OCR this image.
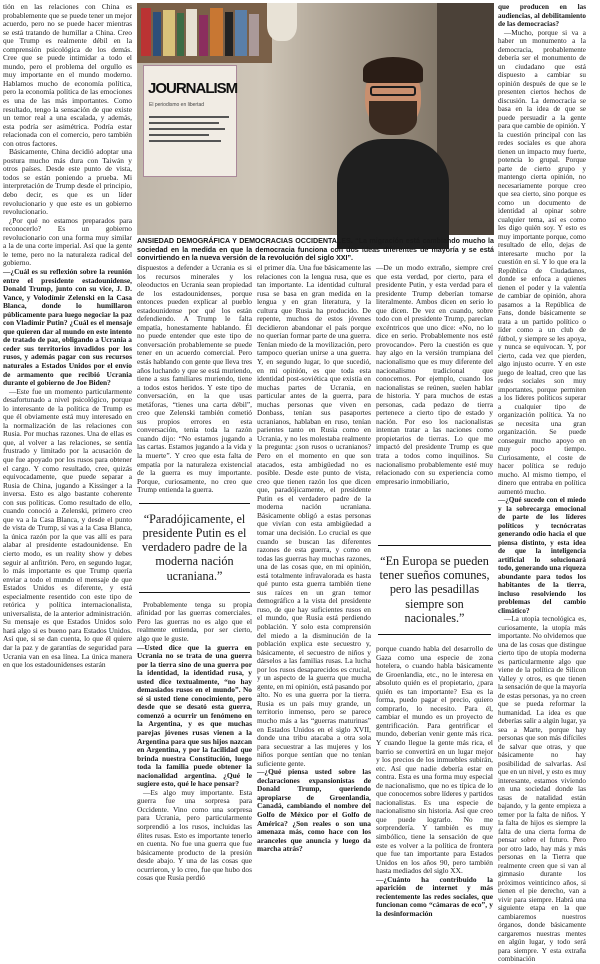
tión en las relaciones con China es probablemente que se puede tener un mejor acuerdo, pero no se puede hacer mientras se está tratando de humillar a China. Creo que Trump es realmente débil en la comprensión psicológica de los demás. Cree que se puede intimidar a todo el mundo, pero el problema del orgullo es muy importante en el mundo moderno. Hablamos mucho de economía política, pero la economía política de las emociones es una de las más importantes. Como resultado, tengo la sensación de que existe un temor real a una escalada, y además, esta podría ser asimétrica. Podría estar relacionada con el comercio, pero también con otros factores.

Básicamente, China decidió adoptar una postura mucho más dura con Taiwán y otros países. Desde este punto de vista, todos se están poniendo a prueba. Mi interpretación de Trump desde el principio, debo decir, es que es un líder revolucionario y que este es un gobierno revolucionario.

¿Por qué no estamos preparados para reconocerlo? Es un gobierno revolucionario con una forma muy similar a la de una corte imperial. Así que la gente le teme, pero no la naturaleza radical del gobierno.

—¿Cuál es su reflexión sobre la reunión entre el presidente estadounidense, Donald Trump, junto con su vice, J. D. Vance, y Volodímir Zelenski en la Casa Blanca, donde lo humillaron públicamente para luego negociar la paz con Vladímir Putin? ¿Cuál es el mensaje que quieren dar al mundo en este intento de tratado de paz, obligando a Ucrania a ceder sus territorios invadidos por los rusos, y además pagar con sus recursos naturales a Estados Unidos por el envío de armamento que recibió Ucrania durante el gobierno de Joe Biden?

—Este fue un momento particularmente desafortunado a nivel psicológico, porque lo interesante de la política de Trump es que él obviamente está muy interesado en la normalización de las relaciones con Rusia. Por muchas razones. Una de ellas es que, al volver a las relaciones, se sentía frustrado y limitado por la acusación de que fue apoyado por los rusos para obtener el cargo. Y como resultado, cree, quizás equivocadamente, que puede separar a Rusia de China, jugando a Kissinger a la inversa. Esto es algo bastante coherente con sus políticas. Como resultado de ello, cuando conoció a Zelenski, primero creo que va a la Casa Blanca, y desde el punto de vista de Trump, sí vas a la Casa Blanca, la única razón por la que vas allí es para alabar al presidente estadounidense. En cierto modo, es un reality show y debes seguir al anfitrión. Pero, en segundo lugar, lo más importante es que Trump quería enviar a todo el mundo el mensaje de que Estados Unidos es diferente, y está especialmente resentido con este tipo de retórica y política internacionalista, universalista, de la anterior administración. Su mensaje es que Estados Unidos solo hará algo si es bueno para Estados Unidos. Así que, si se dan cuenta, lo que él quiere dar la paz y de garantías de seguridad para Ucrania van en esa línea. La única manera en que los estadounidenses estarán

JOURNALISM
El periodismo en libertad
ANSIEDAD DEMOGRÁFICA Y DEMOCRACIAS OCCIDENTALES. “La migración está cambiando mucho la sociedad en la medida en que la democracia funciona con dos ideas diferentes de mayoría y se está convirtiendo en la nueva versión de la revolución del siglo XXI”.

dispuestos a defender a Ucrania es si los recursos minerales y los oleoductos en Ucrania sean propiedad de los estadounidenses, porque entonces pueden explicar al pueblo estadounidense por qué los están defendiendo. A Trump le falta empatía, honestamente hablando. Él no puede entender que este tipo de conversación probablemente se puede tener en un acuerdo comercial. Pero estás hablando con gente que lleva tres años luchando y que se está muriendo, tiene a sus familiares muriendo, tiene a todos estos heridos. Y este tipo de conversación, en la que usas metáforas, “tienes una carta débil”, creo que Zelenski también cometió sus propios errores en esta conversación, tenía toda la razón cuando dijo: “No estamos jugando a las cartas. Estamos jugando a la vida y la muerte”. Y creo que esta falta de empatía por la naturaleza existencial de la guerra es muy importante. Porque, curiosamente, no creo que Trump entienda la guerra.

“Paradójicamente, el presidente Putin es el verdadero padre de la moderna nación ucraniana.”

Probablemente tenga su propia afinidad por las guerras comerciales. Pero las guerras no es algo que el realmente entienda, por ser cierto, algo que le guste.

—Usted dice que la guerra en Ucrania no se trata de una guerra por la tierra sino de una guerra por la identidad, la identidad rusa, y usted dice textualmente, “no hay demasiados rusos en el mundo”. No sé si usted tiene conocimiento, pero desde que se desató esta guerra, comenzó a ocurrir un fenómeno en la Argentina, y es que muchas parejas jóvenes rusas vienen a la Argentina para que sus hijos nazcan en Argentina, y por la facilidad que brinda nuestra Constitución, luego toda la familia puede obtener la nacionalidad argentina. ¿Qué le sugiere esto, qué le hace pensar?

—Es algo muy importante. Esta guerra fue una sorpresa para Occidente. Vino como una sorpresa para Ucrania, pero particularmente sorprendió a los rusos, incluidas las élites rusas. Esto es importante tenerlo en cuenta. No fue una guerra que fue básicamente producto de la presión desde abajo. Y una de las cosas que ocurrieron, y lo creo, fue que hubo dos cosas que Rusia perdió

el primer día. Una fue básicamente las relaciones con la lengua rusa, que es tan importante. La identidad cultural rusa se basa en gran medida en la lengua y en gran literatura, y la cultura que Rusia ha producido. De repente, muchos de estos jóvenes decidieron abandonar el país porque no querían formar parte de una guerra. Tenían miedo de la movilización, pero tampoco querían unirse a una guerra. Y, en segundo lugar, lo que sucedió, en mi opinión, es que toda esta identidad post-soviética que existía en muchas partes de Ucrania, en particular antes de la guerra, para muchas personas que viven en Donbass, tenían sus pasaportes ucranianos, hablaban en ruso, tenían parientes tanto en Rusia como en Ucrania, y no les molestaba realmente la pregunta: ¿son rusos o ucranianos? Pero en el momento en que son atacados, esta ambigüedad no es posible. Desde este punto de vista, creo que tienen razón los que dicen que, paradójicamente, el presidente Putin es el verdadero padre de la moderna nación ucraniana. Básicamente obligó a estas personas que vivían con esta ambigüedad a tomar una decisión. Lo crucial es que cuando se buscan las diferentes razones de esta guerra, y como en todas las guerras hay muchas razones, una de las cosas que, en mi opinión, está totalmente infravalorada es hasta qué punto esta guerra también tiene sus raíces en un gran temor demográfico a la vista del presidente ruso, de que hay suficientes rusos en el mundo, que Rusia está perdiendo población. Y solo esta comprensión del miedo a la disminución de la población explica este secuestro y, básicamente, el secuestro de niños y dárselos a las familias rusas. La lucha por los rusos desaparecidos es crucial, y un aspecto de la guerra que mucha gente, en mi opinión, está pasando por alto. No es una guerra por la tierra. Rusia es un país muy grande, un territorio inmenso, pero se parece mucho más a las “guerras maturinas” en Estados Unidos en el siglo XVII, donde una tribu atacaba a otra sola para secuestrar a las mujeres y los niños porque sentían que no tenían suficiente gente.

—¿Qué piensa usted sobre las declaraciones expansionistas de Donald Trump, queriendo apropiarse de Groenlandia, Canadá, cambiando el nombre del Golfo de México por el Golfo de América? ¿Son reales o son una amenaza más, como hace con los aranceles que anuncia y luego da marcha atrás?

—De un modo extraño, siempre creí que esta verdad, por cierto, para el presidente Putin, y esta verdad para el presidente Trump deberían tomarse literalmente. Ambos dicen en serio lo que dicen. De vez en cuando, sobre todo con el presidente Trump, parecían excéntricos que uno dice: «No, no lo dice en serio. Probablemente nos esté provocando». Pero la cuestión es que hay algo en la versión trumpiana del nacionalismo que es muy diferente del nacionalismo tradicional que conocemos. Por ejemplo, cuando los nacionalistas se reúnen, suelen hablar de historia. Y para muchos de estas personas, cada pedazo de tierra pertenece a cierto tipo de estado y nación. Por eso los nacionalistas intentan tratar a las naciones como propietarios de tierras. Lo que me impactó del presidente Trump es que trata a todos como inquilinos. Su nacionalismo probablemente esté muy relacionado con su experiencia como empresario inmobiliario,

“En Europa se pueden tener sueños comunes, pero las pesadillas siempre son nacionales.”

porque cuando habla del desarrollo de Gaza como una especie de zona hotelera, o cuando habla básicamente de Groenlandia, etc., no le interesa en absoluto quién es el propietario, ¿para quién es tan importante? Esa es la forma, puedo pagar el precio, quiero comprarlo, lo necesito. Para él, cambiar el mundo es un proyecto de gentrificación. Para gentrificar el mundo, deberían venir gente más rica. Y cuando llegue la gente más rica, el barrio se convertirá en un lugar mejor y los precios de los inmuebles subirán, etc. Así que nadie debería estar en contra. Esta es una forma muy especial de nacionalismo, que no es típica de lo que conocemos sobre líderes y partidos nacionalistas. Es una especie de nacionalismo sin historia. Así que creo que puede lograrlo. No me sorprendería. Y también es muy simbólico, tiene la sensación de que este es volver a la política de frontera que fue tan importante para Estados Unidos en los años 90, pero también hasta mediados del siglo XX.

—¿Cuánto ha contribuido la aparición de internet y más recientemente las redes sociales, que funcionan como “cámaras de eco”, y la desinformación

que producen en las audiencias, al debilitamiento de las democracias?

—Mucho, porque si va a haber un monumento a la democracia, probablemente debería ser el monumento de un ciudadano que está dispuesto a cambiar su opinión después de que se le presenten ciertos hechos de discusión. La democracia se basa en la idea de que se puede persuadir a la gente para que cambie de opinión. Y la cuestión principal con las redes sociales es que ahora tienen un impacto muy fuerte, potencia lo grupal. Porque parte de cierto grupo y mantengo cierta opinión, no necesariamente porque creo que sea cierto, sino porque es como un documento de identidad al opinar sobre cualquier tema, así es como les digo quién soy. Y esto es muy importante porque, como resultado de ello, dejas de interesarte mucho por la cuestión en sí. Y lo que era la República de Ciudadanos, donde se enfoca a quienes tienen el poder y la valentía de cambiar de opinión, ahora pasamos a la República de Fans, donde básicamente se trata a un partido político o líder como a un club de fútbol, y siempre se les apoya, y nunca se equivocan. Y, por cierto, cada vez que pierden, algo injusto ocurre. Y en este juego de lealtad, creo que las redes sociales son muy importantes, porque permiten a los líderes políticos superar a cualquier tipo de organización política. Ya no se necesita una gran organización. Se puede conseguir mucho apoyo en muy poco tiempo. Curiosamente, el coste de hacer política se redujo mucho. Al mismo tiempo, el dinero que entraba en política aumentó mucho.

—¿Qué sucede con el miedo y la sobrecarga emocional de parte de los líderes políticos y tecnócratas generando odio hacia el que piensa distinto, y esta idea de que la inteligencia artificial lo solucionará todo, generando una riqueza abundante para todos los habitantes de la tierra, incluso resolviendo los problemas del cambio climático?

—La utopía tecnológica es, curiosamente, la utopía más importante. No olvidemos que una de las cosas que distingue cierto tipo de utopía moderna es particularmente algo que viene de la política de Silicon Valley y otros, es que tienen la sensación de que la mayoría de estas personas, ya no creen que se pueda reformar la humanidad. La idea es que deberías salir a algún lugar, ya sea a Marte, porque hay personas que son más difíciles de salvar que otras, y que básicamente no hay posibilidad de salvarlas. Así que en un nivel, y esto es muy interesante, estamos viviendo en una sociedad donde las tasas de natalidad están bajando, y la gente empieza a temer por la falta de niños. Y la falta de hijos es siempre la falta de una cierta forma de pensar sobre el futuro. Pero por otro lado, hay más y más personas en la Tierra que realmente creen que si van al gimnasio durante los próximos veinticinco años, si tienen el pie derecho, van a vivir para siempre. Habrá una siguiente etapa en la que cambiaremos nuestros órganos, donde básicamente cargaremos nuestras mentes en algún lugar, y todo será para siempre. Y esta extraña combinación
